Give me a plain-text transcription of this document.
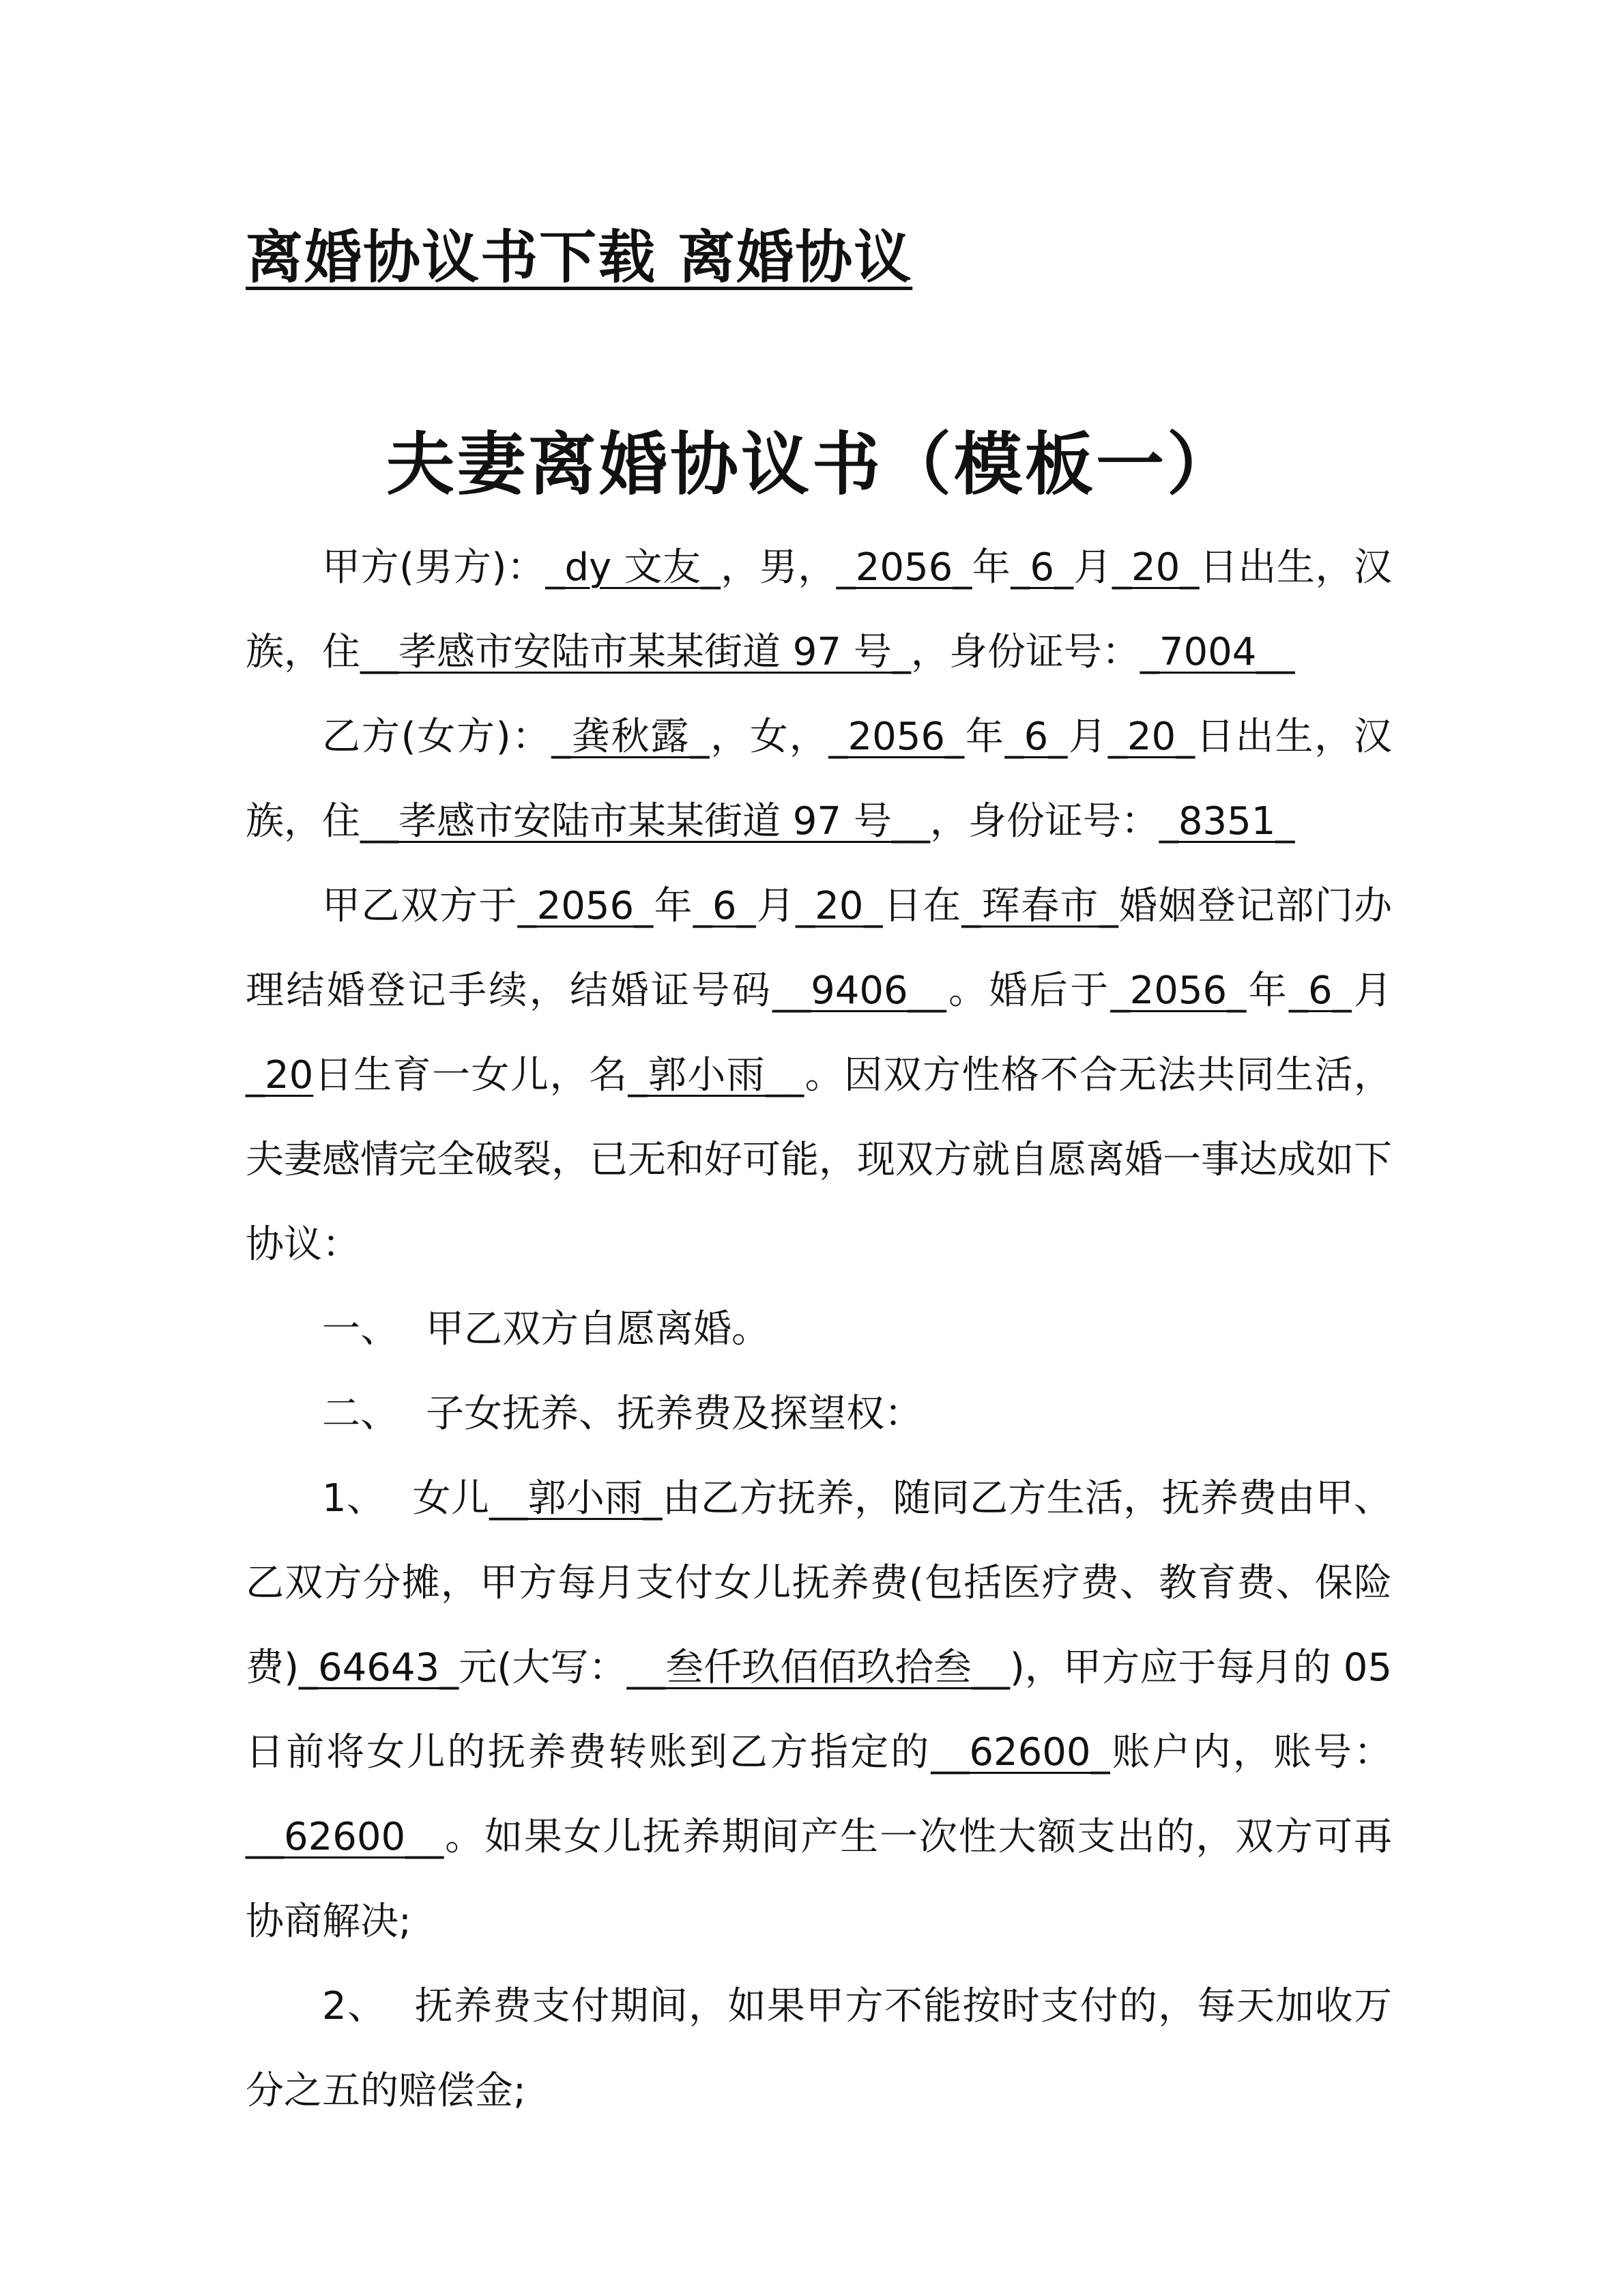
离婚协议书下载 离婚协议
夫妻离婚协议书（模板一）

甲方(男方)：_dy 文友_，男，_2056_年_6_月_20_日出生，汉族，住__孝感市安陆市某某街道 97 号_，身份证号：_7004__

乙方(女方)：_龚秋露_，女，_2056_年_6_月_20_日出生，汉族，住__孝感市安陆市某某街道 97 号__，身份证号：_8351_

甲乙双方于_2056_年_6_月_20_日在_珲春市_婚姻登记部门办理结婚登记手续，结婚证号码__9406__。婚后于_2056_年_6_月_20日生育一女儿，名_郭小雨__。因双方性格不合无法共同生活，夫妻感情完全破裂，已无和好可能，现双方就自愿离婚一事达成如下协议：

一、 甲乙双方自愿离婚。

二、 子女抚养、抚养费及探望权：

1、 女儿__郭小雨_由乙方抚养，随同乙方生活，抚养费由甲、乙双方分摊，甲方每月支付女儿抚养费(包括医疗费、教育费、保险费)_64643_元(大写：__叁仟玖佰佰玖拾叁__)，甲方应于每月的 05 日前将女儿的抚养费转账到乙方指定的__62600_账户内，账号：__62600__。如果女儿抚养期间产生一次性大额支出的，双方可再协商解决;

2、 抚养费支付期间，如果甲方不能按时支付的，每天加收万分之五的赔偿金;
